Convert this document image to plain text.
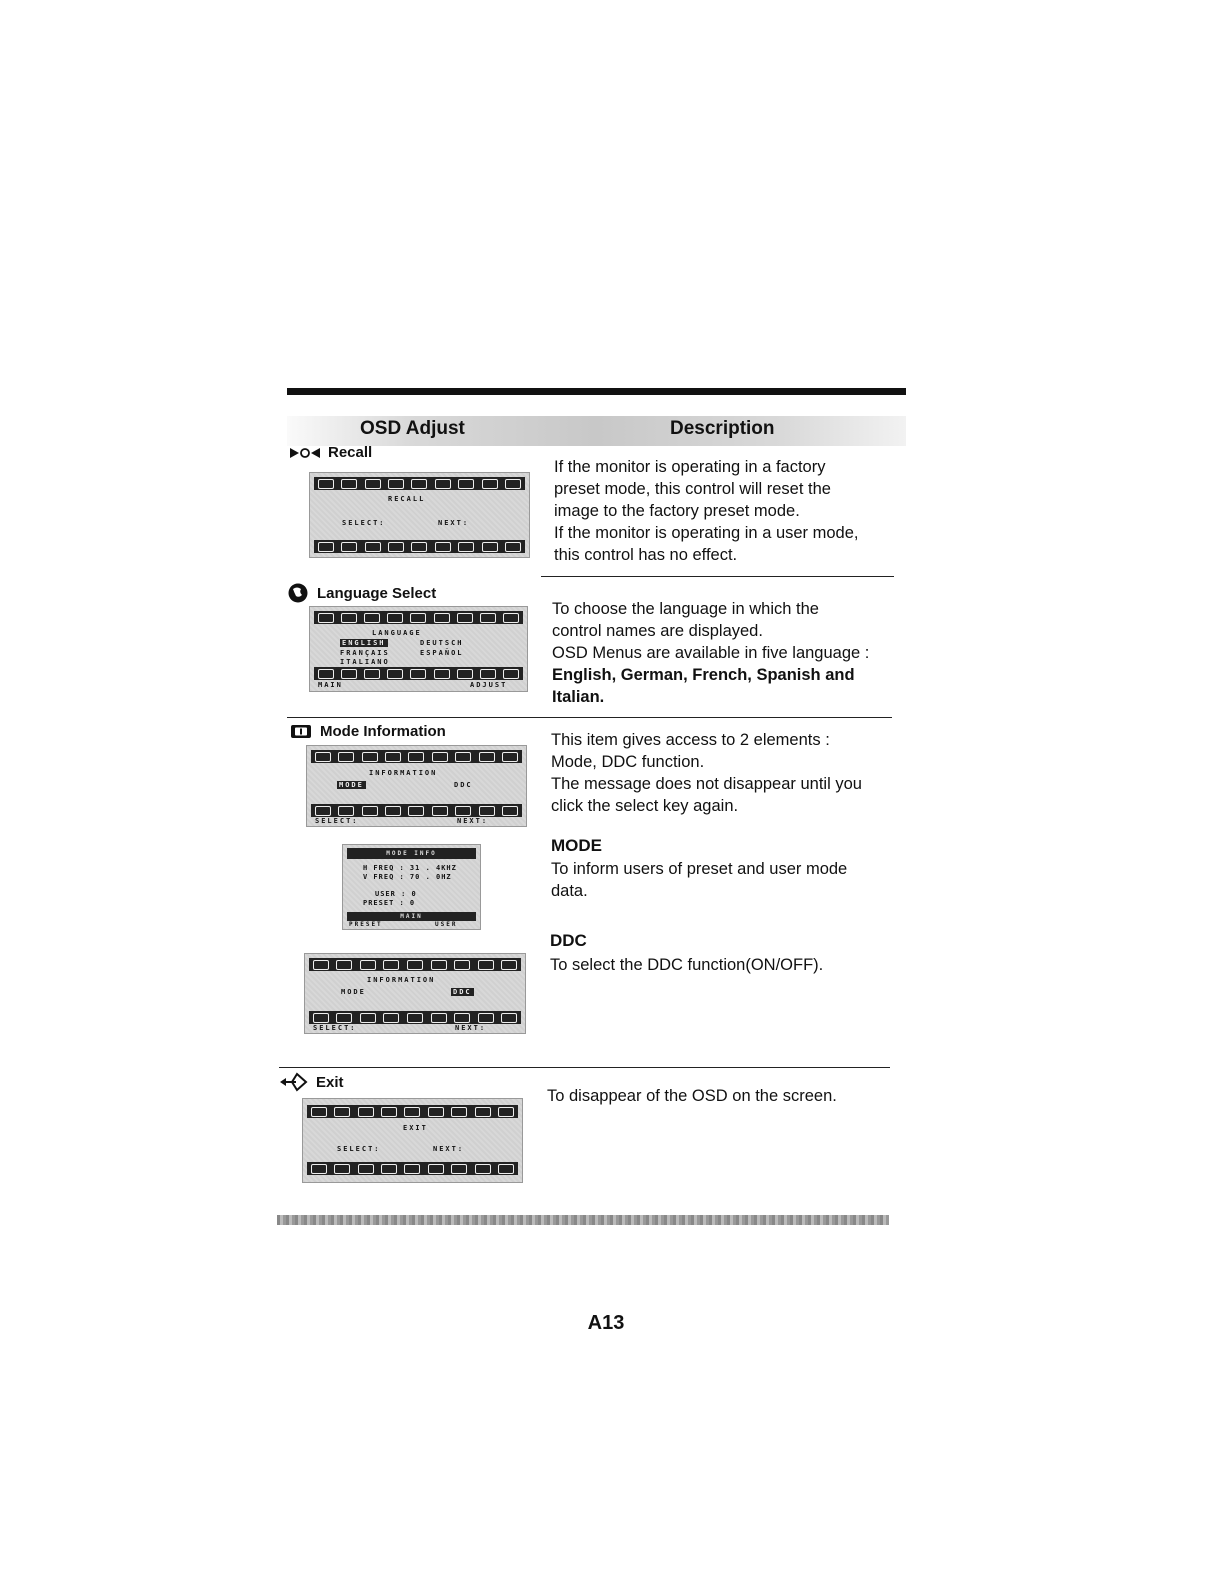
OSD Adjust	Description
Recall
RECALL
SELECT:	NEXT:

If the monitor is operating in a factory

preset mode, this control will reset the

image to the factory preset mode.

If the monitor is operating in a user mode,

this control has no effect.

Language Select
LANGUAGE
ENGLISH	DEUTSCH
FRANÇAIS	ESPAÑOL
ITALIANO
MAIN	ADJUST

To choose the language in which the

control names are displayed.

OSD Menus are available in five language :

English, German, French, Spanish and

Italian.

Mode Information
INFORMATION
MODE	DDC
SELECT:	NEXT:

This item gives access to 2 elements :

Mode, DDC function.

The message does not disappear until you

click the select key again.

MODE INFO
H FREQ : 31 . 4KHZ
V FREQ : 70 . 0HZ
USER : 0
PRESET : 0
MAIN
PRESET	USER
MODE

To inform users of preset and user mode

data.

INFORMATION
MODE	DDC
SELECT:	NEXT:
DDC
To select the DDC function(ON/OFF).
Exit
EXIT
SELECT:	NEXT:
To disappear of the OSD on the screen.
A13
